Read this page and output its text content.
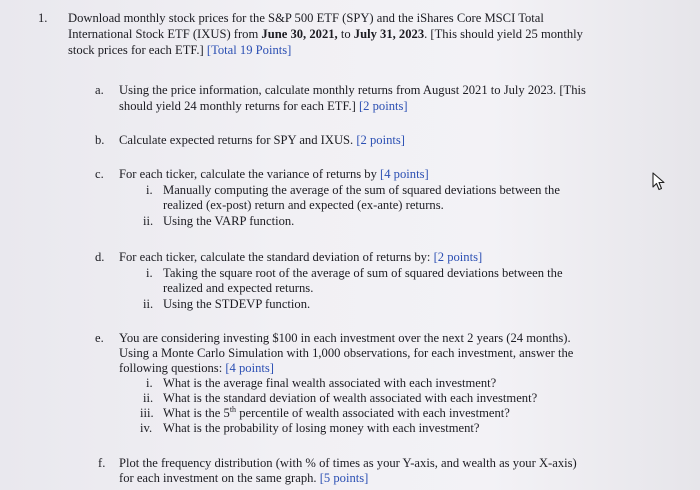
1. Download monthly stock prices for the S&P 500 ETF (SPY) and the iShares Core MSCI Total
International Stock ETF (IXUS) from June 30, 2021, to July 31, 2023. [This should yield 25 monthly
stock prices for each ETF.] [Total 19 Points]
a. Using the price information, calculate monthly returns from August 2021 to July 2023. [This
should yield 24 monthly returns for each ETF.] [2 points]
b. Calculate expected returns for SPY and IXUS. [2 points]
c. For each ticker, calculate the variance of returns by [4 points]
i. Manually computing the average of the sum of squared deviations between the
realized (ex-post) return and expected (ex-ante) returns.
ii. Using the VARP function.
d. For each ticker, calculate the standard deviation of returns by: [2 points]
i. Taking the square root of the average of sum of squared deviations between the
realized and expected returns.
ii. Using the STDEVP function.
e. You are considering investing $100 in each investment over the next 2 years (24 months).
Using a Monte Carlo Simulation with 1,000 observations, for each investment, answer the
following questions: [4 points]
i. What is the average final wealth associated with each investment?
ii. What is the standard deviation of wealth associated with each investment?
iii. What is the 5th percentile of wealth associated with each investment?
iv. What is the probability of losing money with each investment?
f. Plot the frequency distribution (with % of times as your Y-axis, and wealth as your X-axis)
for each investment on the same graph. [5 points]
